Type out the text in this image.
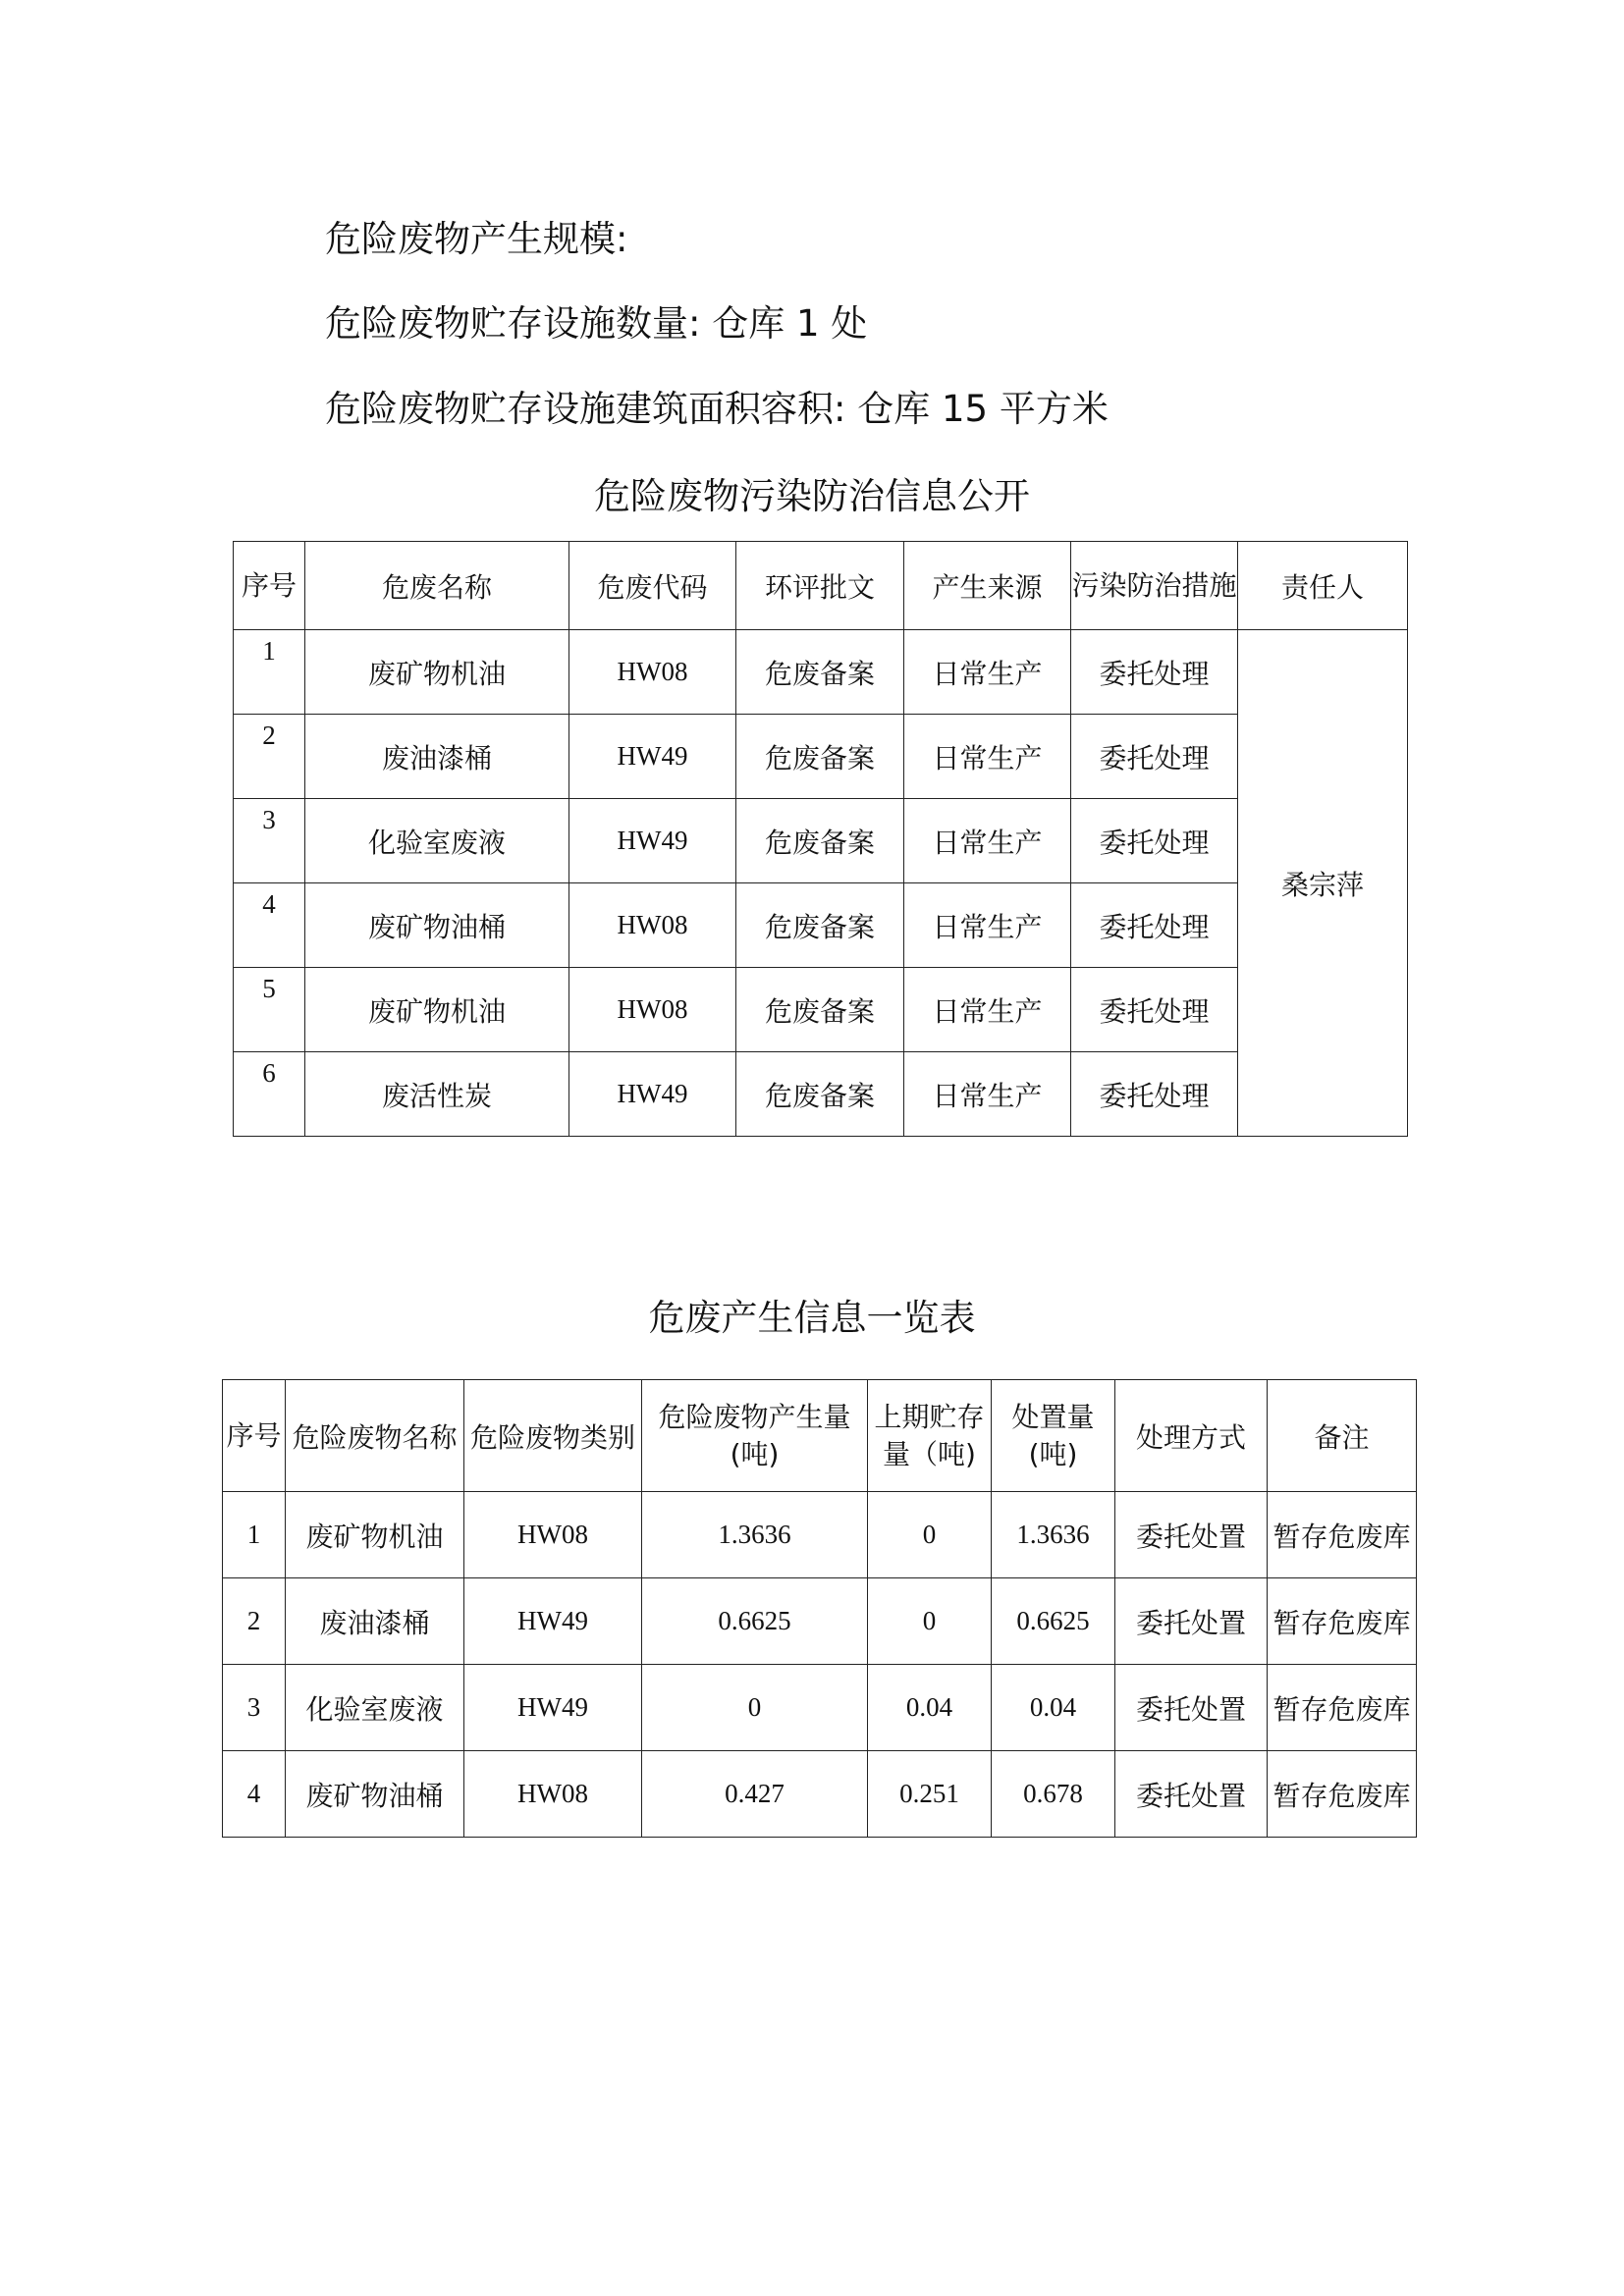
危险废物产生规模:
危险废物贮存设施数量: 仓库 1 处
危险废物贮存设施建筑面积容积: 仓库 15 平方米
危险废物污染防治信息公开
序号	危废名称	危废代码	环评批文	产生来源	污染防治措施	责任人
1	废矿物机油	HW08	危废备案	日常生产	委托处理	桑宗萍
2	废油漆桶	HW49	危废备案	日常生产	委托处理	
3	化验室废液	HW49	危废备案	日常生产	委托处理	
4	废矿物油桶	HW08	危废备案	日常生产	委托处理	
5	废矿物机油	HW08	危废备案	日常生产	委托处理	
6	废活性炭	HW49	危废备案	日常生产	委托处理	
危废产生信息一览表
序号	危险废物名称	危险废物类别	危险废物产生量(吨)	上期贮存量（吨)	处置量(吨)	处理方式	备注
1	废矿物机油	HW08	1.3636	0	1.3636	委托处置	暂存危废库
2	废油漆桶	HW49	0.6625	0	0.6625	委托处置	暂存危废库
3	化验室废液	HW49	0	0.04	0.04	委托处置	暂存危废库
4	废矿物油桶	HW08	0.427	0.251	0.678	委托处置	暂存危废库
